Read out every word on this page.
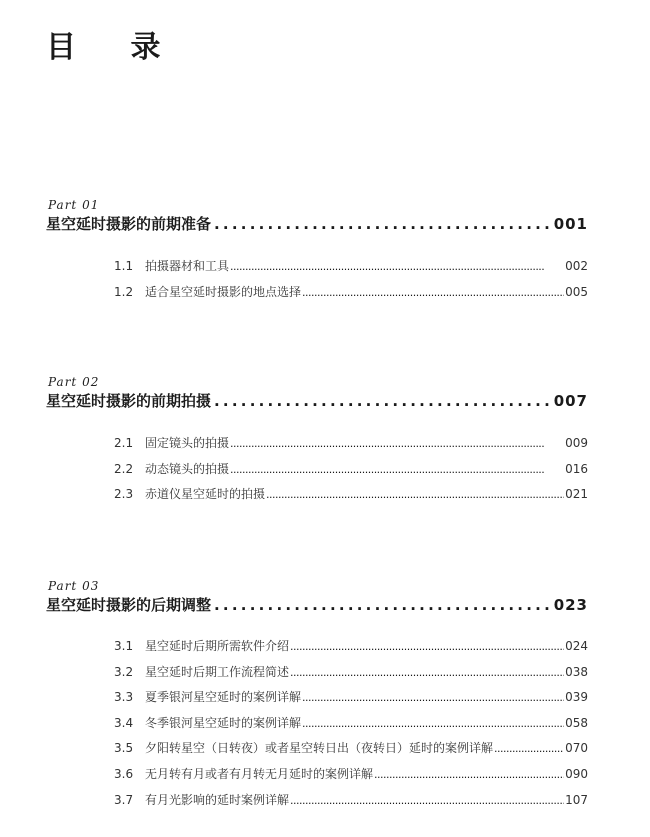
目 录
Part 01
星空延时摄影的前期准备 . . .	001
1.1 拍摄器材和工具 . . .	002
1.2 适合星空延时摄影的地点选择 . . .	005
Part 02
星空延时摄影的前期拍摄 . . .	007
2.1 固定镜头的拍摄 . . .	009
2.2 动态镜头的拍摄 . . .	016
2.3 赤道仪星空延时的拍摄 . . .	021
Part 03
星空延时摄影的后期调整 . . .	023
3.1 星空延时后期所需软件介绍 . . .	024
3.2 星空延时后期工作流程简述 . . .	038
3.3 夏季银河星空延时的案例详解 . . .	039
3.4 冬季银河星空延时的案例详解 . . .	058
3.5 夕阳转星空（日转夜）或者星空转日出（夜转日）延时的案例详解 . . .	070
3.6 无月转有月或者有月转无月延时的案例详解 . . .	090
3.7 有月光影响的延时案例详解 . . .	107
